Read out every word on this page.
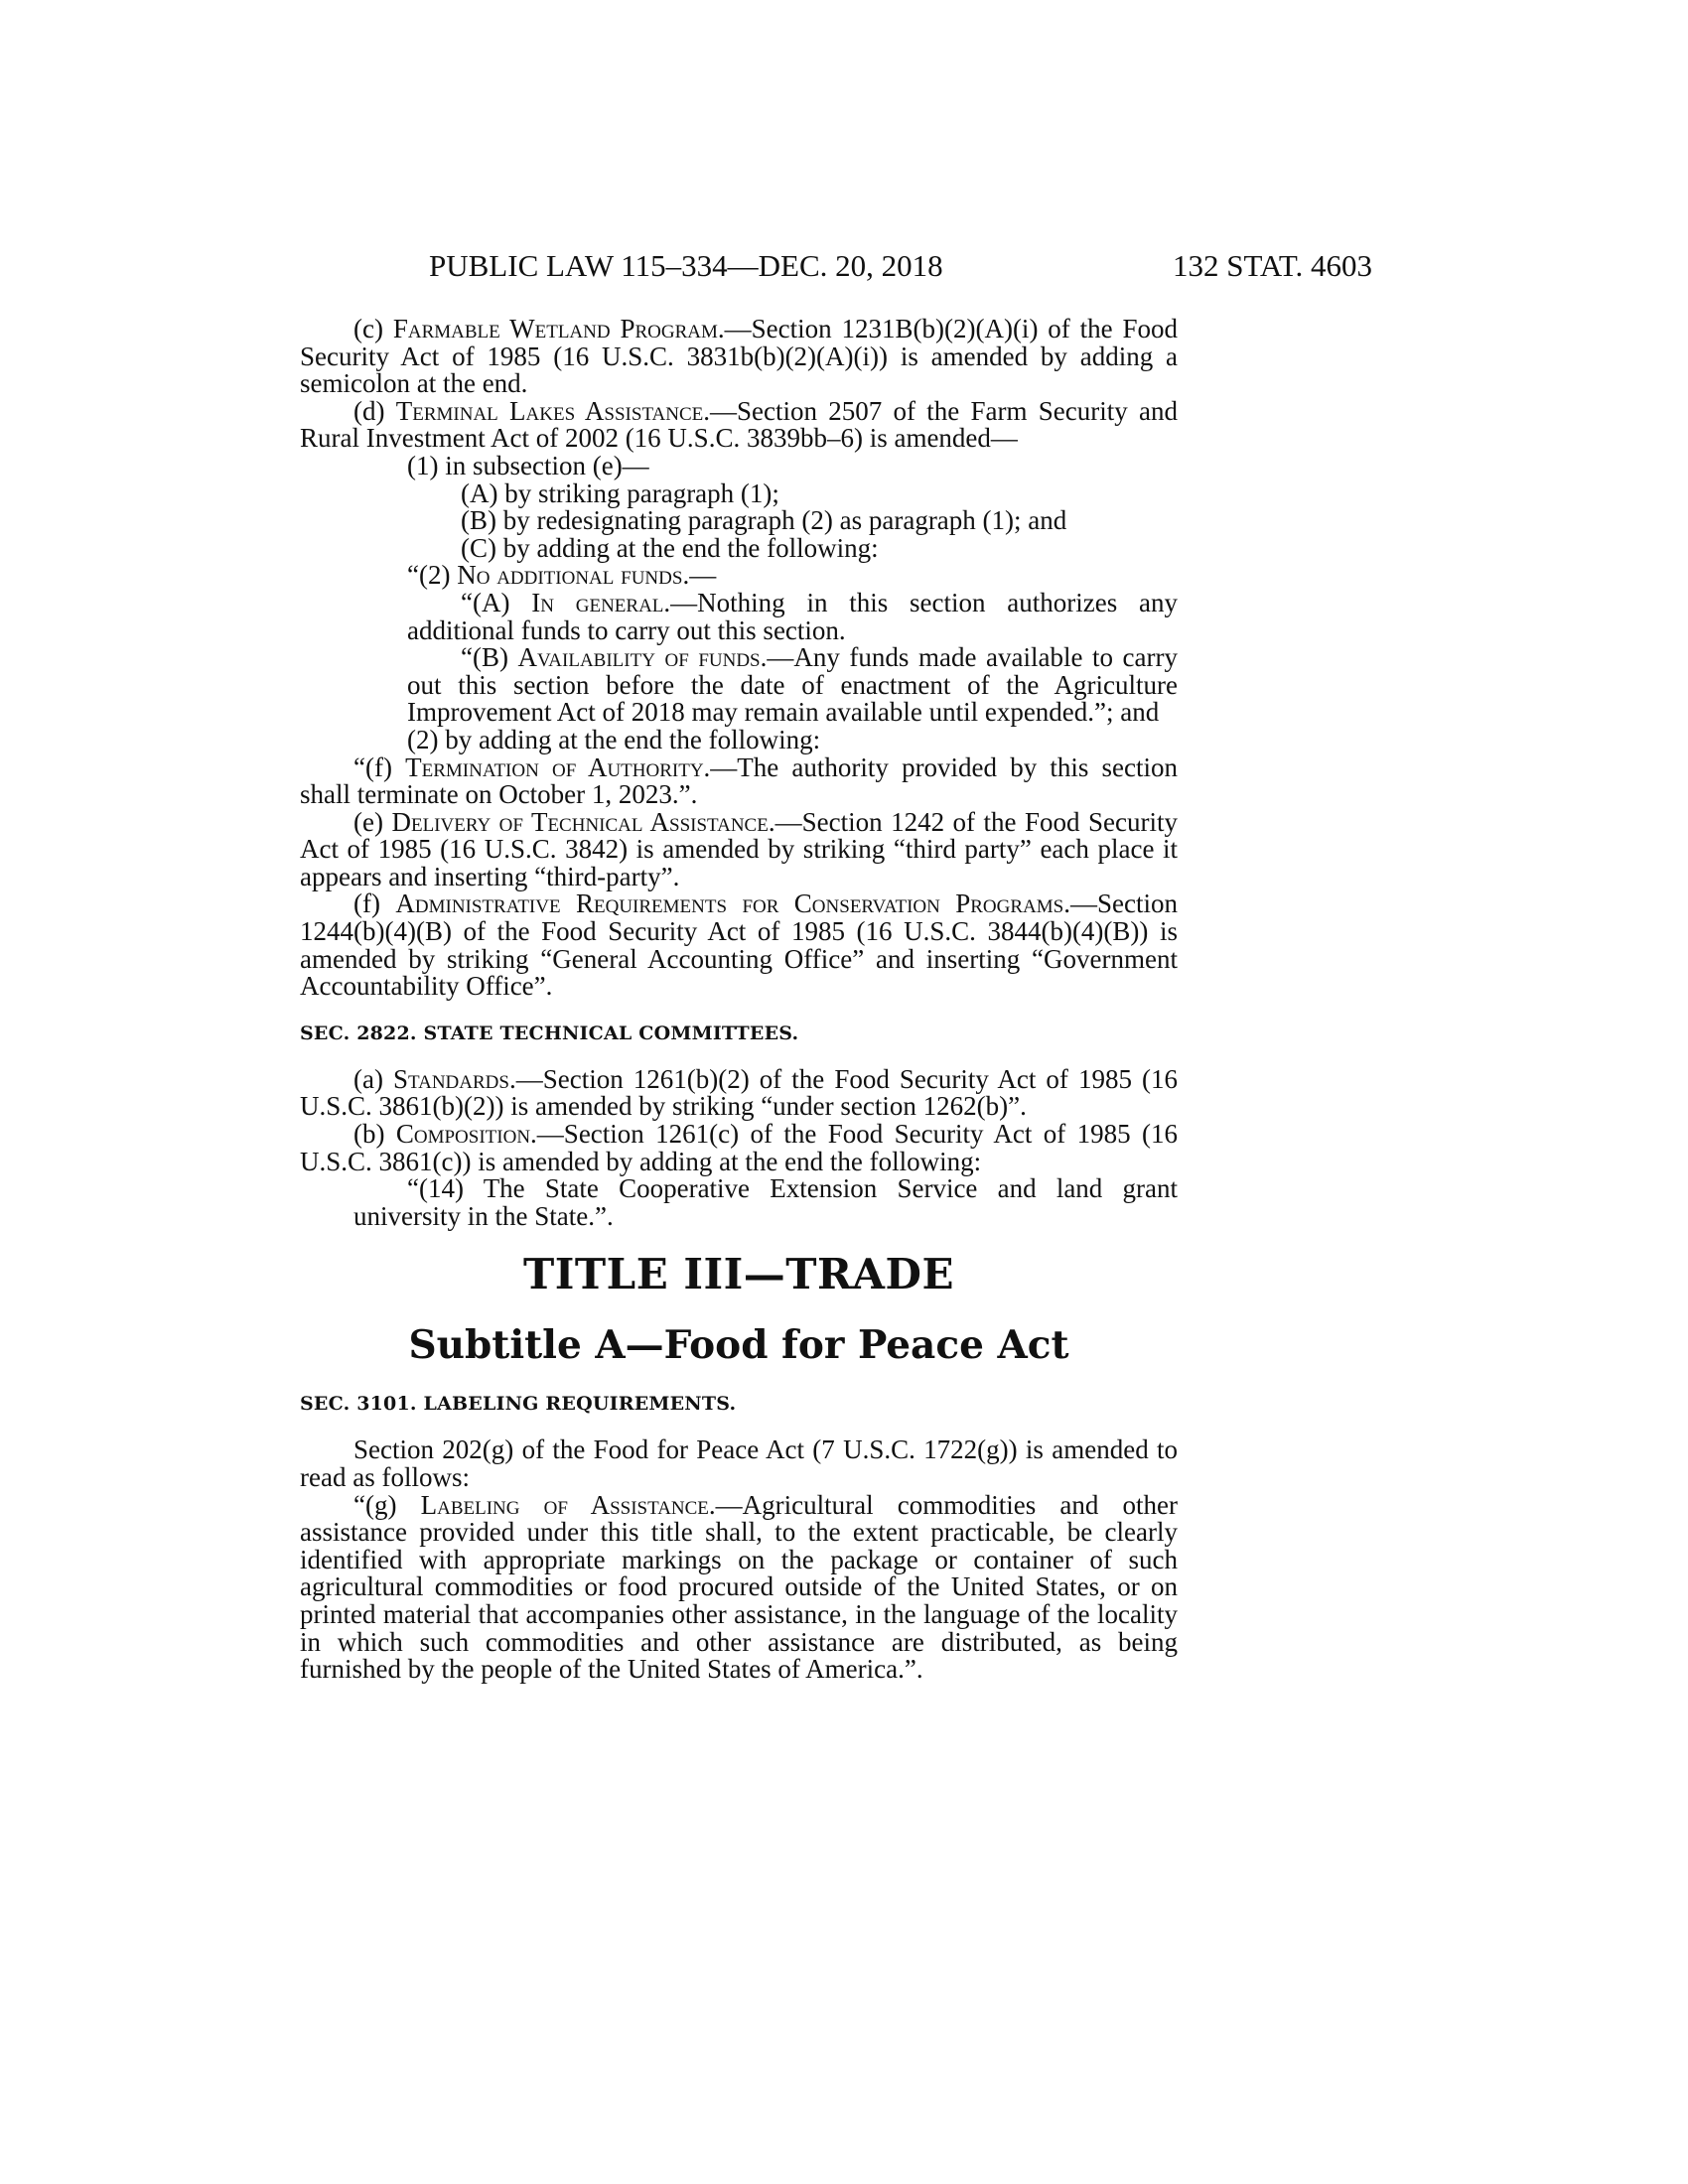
PUBLIC LAW 115–334—DEC. 20, 2018	132 STAT. 4603

(c) Farmable Wetland Program.—Section 1231B(b)(2)(A)(i) of the Food Security Act of 1985 (16 U.S.C. 3831b(b)(2)(A)(i)) is amended by adding a semicolon at the end.

(d) Terminal Lakes Assistance.—Section 2507 of the Farm Security and Rural Investment Act of 2002 (16 U.S.C. 3839bb–6) is amended—

(1) in subsection (e)—

(A) by striking paragraph (1);

(B) by redesignating paragraph (2) as paragraph (1); and

(C) by adding at the end the following:

“(2) No additional funds.—

“(A) In general.—Nothing in this section authorizes any additional funds to carry out this section.

“(B) Availability of funds.—Any funds made available to carry out this section before the date of enactment of the Agriculture Improvement Act of 2018 may remain available until expended.”; and

(2) by adding at the end the following:

“(f) Termination of Authority.—The authority provided by this section shall terminate on October 1, 2023.”.

(e) Delivery of Technical Assistance.—Section 1242 of the Food Security Act of 1985 (16 U.S.C. 3842) is amended by striking “third party” each place it appears and inserting “third-party”.

(f) Administrative Requirements for Conservation Programs.—Section 1244(b)(4)(B) of the Food Security Act of 1985 (16 U.S.C. 3844(b)(4)(B)) is amended by striking “General Accounting Office” and inserting “Government Accountability Office”.

SEC. 2822. STATE TECHNICAL COMMITTEES.

(a) Standards.—Section 1261(b)(2) of the Food Security Act of 1985 (16 U.S.C. 3861(b)(2)) is amended by striking “under section 1262(b)”.

(b) Composition.—Section 1261(c) of the Food Security Act of 1985 (16 U.S.C. 3861(c)) is amended by adding at the end the following:

“(14) The State Cooperative Extension Service and land grant university in the State.”.

TITLE III—TRADE
Subtitle A—Food for Peace Act
SEC. 3101. LABELING REQUIREMENTS.

Section 202(g) of the Food for Peace Act (7 U.S.C. 1722(g)) is amended to read as follows:

“(g) Labeling of Assistance.—Agricultural commodities and other assistance provided under this title shall, to the extent practicable, be clearly identified with appropriate markings on the package or container of such agricultural commodities or food procured outside of the United States, or on printed material that accompanies other assistance, in the language of the locality in which such commodities and other assistance are distributed, as being furnished by the people of the United States of America.”.
